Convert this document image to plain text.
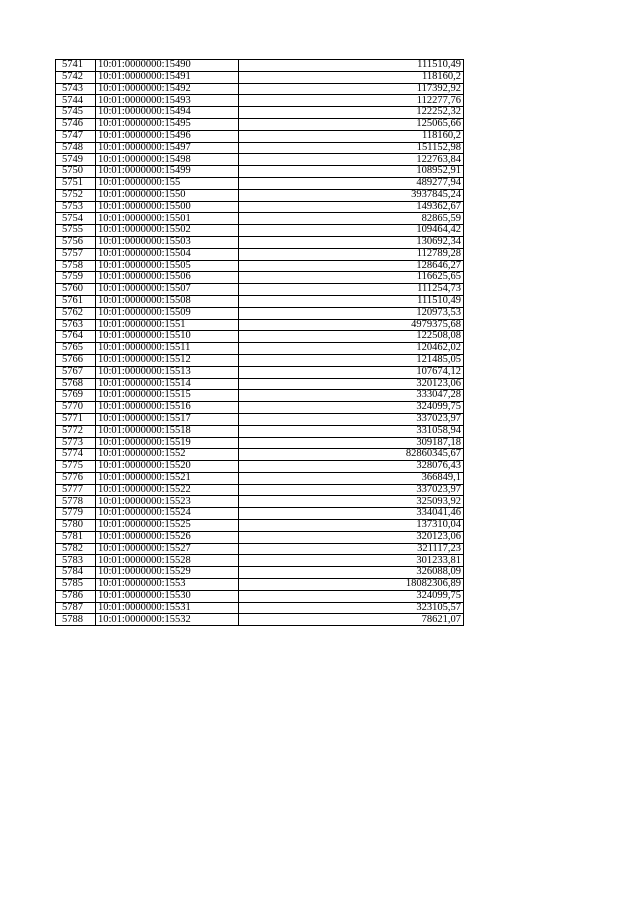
5741	10:01:0000000:15490	111510,49
5742	10:01:0000000:15491	118160,2
5743	10:01:0000000:15492	117392,92
5744	10:01:0000000:15493	112277,76
5745	10:01:0000000:15494	122252,32
5746	10:01:0000000:15495	125065,66
5747	10:01:0000000:15496	118160,2
5748	10:01:0000000:15497	151152,98
5749	10:01:0000000:15498	122763,84
5750	10:01:0000000:15499	108952,91
5751	10:01:0000000:155	489277,94
5752	10:01:0000000:1550	3937845,24
5753	10:01:0000000:15500	149362,67
5754	10:01:0000000:15501	82865,59
5755	10:01:0000000:15502	109464,42
5756	10:01:0000000:15503	130692,34
5757	10:01:0000000:15504	112789,28
5758	10:01:0000000:15505	128646,27
5759	10:01:0000000:15506	116625,65
5760	10:01:0000000:15507	111254,73
5761	10:01:0000000:15508	111510,49
5762	10:01:0000000:15509	120973,53
5763	10:01:0000000:1551	4979375,68
5764	10:01:0000000:15510	122508,08
5765	10:01:0000000:15511	120462,02
5766	10:01:0000000:15512	121485,05
5767	10:01:0000000:15513	107674,12
5768	10:01:0000000:15514	320123,06
5769	10:01:0000000:15515	333047,28
5770	10:01:0000000:15516	324099,75
5771	10:01:0000000:15517	337023,97
5772	10:01:0000000:15518	331058,94
5773	10:01:0000000:15519	309187,18
5774	10:01:0000000:1552	82860345,67
5775	10:01:0000000:15520	328076,43
5776	10:01:0000000:15521	366849,1
5777	10:01:0000000:15522	337023,97
5778	10:01:0000000:15523	325093,92
5779	10:01:0000000:15524	334041,46
5780	10:01:0000000:15525	137310,04
5781	10:01:0000000:15526	320123,06
5782	10:01:0000000:15527	321117,23
5783	10:01:0000000:15528	301233,81
5784	10:01:0000000:15529	326088,09
5785	10:01:0000000:1553	18082306,89
5786	10:01:0000000:15530	324099,75
5787	10:01:0000000:15531	323105,57
5788	10:01:0000000:15532	78621,07
